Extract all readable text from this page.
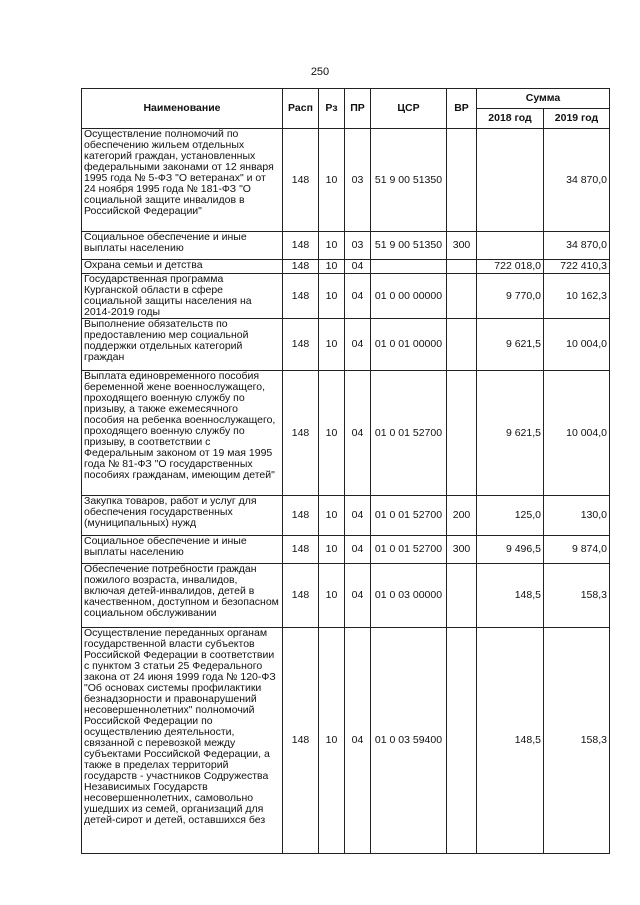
250
Наименование	Расп	Рз	ПР	ЦСР	ВР	Сумма	
						2018 год	2019 год
Осуществление полномочий по обеспечению жильем отдельных категорий граждан, установленных федеральными законами от 12 января 1995 года № 5-ФЗ "О ветеранах" и от 24 ноября 1995 года № 181-ФЗ "О социальной защите инвалидов в Российской Федерации"	148	10	03	51 9 00 51350			34 870,0
Социальное обеспечение и иные выплаты населению	148	10	03	51 9 00 51350	300		34 870,0
Охрана семьи и детства	148	10	04			722 018,0	722 410,3
Государственная программа Курганской области в сфере социальной защиты населения на 2014-2019 годы	148	10	04	01 0 00 00000		9 770,0	10 162,3
Выполнение обязательств по предоставлению мер социальной поддержки отдельных категорий граждан	148	10	04	01 0 01 00000		9 621,5	10 004,0
Выплата единовременного пособия беременной жене военнослужащего, проходящего военную службу по призыву, а также ежемесячного пособия на ребенка военнослужащего, проходящего военную службу по призыву, в соответствии с Федеральным законом от 19 мая 1995 года № 81-ФЗ "О государственных пособиях гражданам, имеющим детей"	148	10	04	01 0 01 52700		9 621,5	10 004,0
Закупка товаров, работ и услуг для обеспечения государственных (муниципальных) нужд	148	10	04	01 0 01 52700	200	125,0	130,0
Социальное обеспечение и иные выплаты населению	148	10	04	01 0 01 52700	300	9 496,5	9 874,0
Обеспечение потребности граждан пожилого возраста, инвалидов, включая детей-инвалидов, детей в качественном, доступном и безопасном социальном обслуживании	148	10	04	01 0 03 00000		148,5	158,3
Осуществление переданных органам государственной власти субъектов Российской Федерации в соответствии с пунктом 3 статьи 25 Федерального закона от 24 июня 1999 года № 120-ФЗ "Об основах системы профилактики безнадзорности и правонарушений несовершеннолетних" полномочий Российской Федерации по осуществлению деятельности, связанной с перевозкой между субъектами Российской Федерации, а также в пределах территорий государств - участников Содружества Независимых Государств несовершеннолетних, самовольно ушедших из семей, организаций для детей-сирот и детей, оставшихся без	148	10	04	01 0 03 59400		148,5	158,3
